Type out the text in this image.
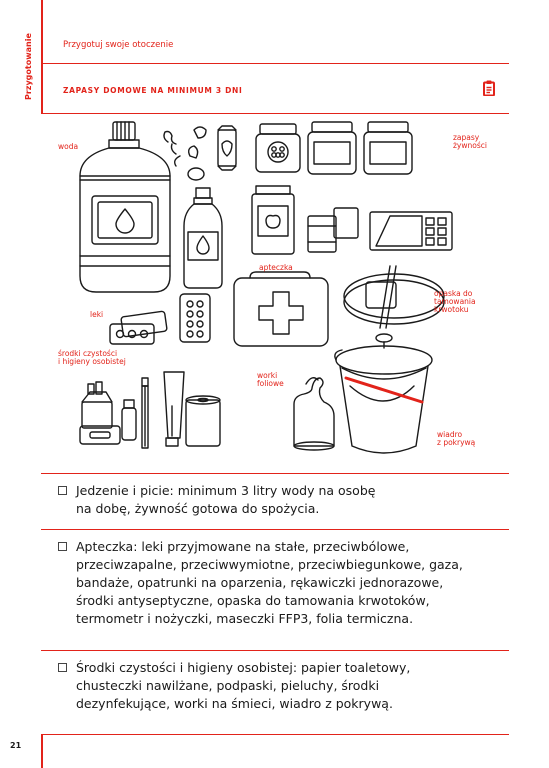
Przygotowanie
21
Przygotuj swoje otoczenie
ZAPASY DOMOWE NA MINIMUM 3 DNI
woda
zapasy
żywności
apteczka
opaska do
tamowania
krwotoku
leki
środki czystości
i higieny osobistej
worki
foliowe
wiadro
z pokrywą
Jedzenie i picie: minimum 3 litry wody na osobę
na dobę, żywność gotowa do spożycia.
Apteczka: leki przyjmowane na stałe, przeciwbólowe,
przeciwzapalne, przeciwwymiotne, przeciwbiegunkowe, gaza,
bandaże, opatrunki na oparzenia, rękawiczki jednorazowe,
środki antyseptyczne, opaska do tamowania krwotoków,
termometr i nożyczki, maseczki FFP3, folia termiczna.
Środki czystości i higieny osobistej: papier toaletowy,
chusteczki nawilżane, podpaski, pieluchy, środki
dezynfekujące, worki na śmieci, wiadro z pokrywą.
